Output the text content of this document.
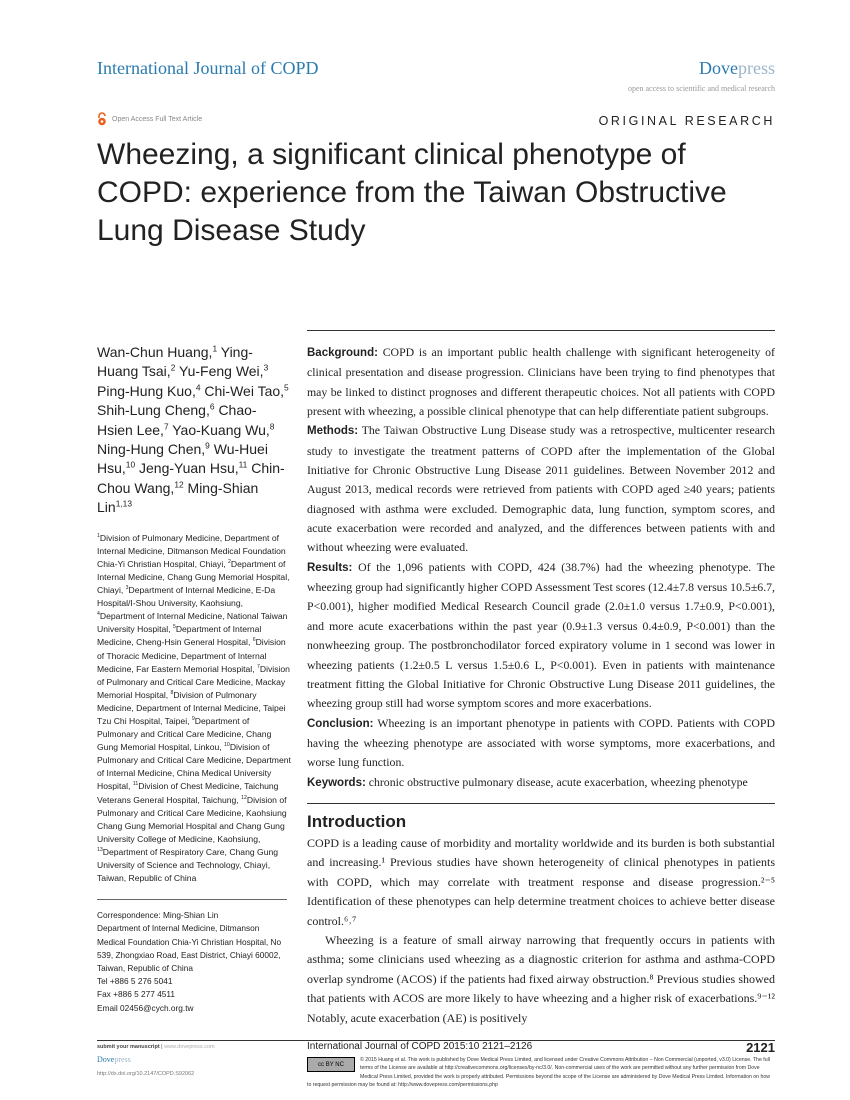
International Journal of COPD	Dovepress
open access to scientific and medical research
Open Access Full Text Article	ORIGINAL RESEARCH
Wheezing, a significant clinical phenotype of COPD: experience from the Taiwan Obstructive Lung Disease Study
Wan-Chun Huang,$^1$ Ying-Huang Tsai,$^2$ Yu-Feng Wei,$^3$ Ping-Hung Kuo,$^4$ Chi-Wei Tao,$^5$ Shih-Lung Cheng,$^6$ Chao-Hsien Lee,$^7$ Yao-Kuang Wu,$^8$ Ning-Hung Chen,$^9$ Wu-Huei Hsu,$^{10}$ Jeng-Yuan Hsu,$^{11}$ Chin-Chou Wang,$^{12}$ Ming-Shian Lin$^{1,13}$
$^1$Division of Pulmonary Medicine, Department of Internal Medicine, Ditmanson Medical Foundation Chia-Yi Christian Hospital, Chiayi, $^2$Department of Internal Medicine, Chang Gung Memorial Hospital, Chiayi, $^3$Department of Internal Medicine, E-Da Hospital/I-Shou University, Kaohsiung, $^4$Department of Internal Medicine, National Taiwan University Hospital, $^5$Department of Internal Medicine, Cheng-Hsin General Hospital, $^6$Division of Thoracic Medicine, Department of Internal Medicine, Far Eastern Memorial Hospital, $^7$Division of Pulmonary and Critical Care Medicine, Mackay Memorial Hospital, $^8$Division of Pulmonary Medicine, Department of Internal Medicine, Taipei Tzu Chi Hospital, Taipei, $^9$Department of Pulmonary and Critical Care Medicine, Chang Gung Memorial Hospital, Linkou, $^{10}$Division of Pulmonary and Critical Care Medicine, Department of Internal Medicine, China Medical University Hospital, $^{11}$Division of Chest Medicine, Taichung Veterans General Hospital, Taichung, $^{12}$Division of Pulmonary and Critical Care Medicine, Kaohsiung Chang Gung Memorial Hospital and Chang Gung University College of Medicine, Kaohsiung, $^{13}$Department of Respiratory Care, Chang Gung University of Science and Technology, Chiayi, Taiwan, Republic of China
Correspondence: Ming-Shian Lin
Department of Internal Medicine, Ditmanson Medical Foundation Chia-Yi Christian Hospital, No 539, Zhongxiao Road, East District, Chiayi 60002, Taiwan, Republic of China
Tel +886 5 276 5041
Fax +886 5 277 4511
Email 02456@cych.org.tw

Background: COPD is an important public health challenge with significant heterogeneity of clinical presentation and disease progression. Clinicians have been trying to find phenotypes that may be linked to distinct prognoses and different therapeutic choices. Not all patients with COPD present with wheezing, a possible clinical phenotype that can help differentiate patient subgroups.

Methods: The Taiwan Obstructive Lung Disease study was a retrospective, multicenter research study to investigate the treatment patterns of COPD after the implementation of the Global Initiative for Chronic Obstructive Lung Disease 2011 guidelines. Between November 2012 and August 2013, medical records were retrieved from patients with COPD aged ≥40 years; patients diagnosed with asthma were excluded. Demographic data, lung function, symptom scores, and acute exacerbation were recorded and analyzed, and the differences between patients with and without wheezing were evaluated.

Results: Of the 1,096 patients with COPD, 424 (38.7%) had the wheezing phenotype. The wheezing group had significantly higher COPD Assessment Test scores (12.4±7.8 versus 10.5±6.7, P<0.001), higher modified Medical Research Council grade (2.0±1.0 versus 1.7±0.9, P<0.001), and more acute exacerbations within the past year (0.9±1.3 versus 0.4±0.9, P<0.001) than the nonwheezing group. The postbronchodilator forced expiratory volume in 1 second was lower in wheezing patients (1.2±0.5 L versus 1.5±0.6 L, P<0.001). Even in patients with maintenance treatment fitting the Global Initiative for Chronic Obstructive Lung Disease 2011 guidelines, the wheezing group still had worse symptom scores and more exacerbations.

Conclusion: Wheezing is an important phenotype in patients with COPD. Patients with COPD having the wheezing phenotype are associated with worse symptoms, more exacerbations, and worse lung function.

Keywords: chronic obstructive pulmonary disease, acute exacerbation, wheezing phenotype

Introduction

COPD is a leading cause of morbidity and mortality worldwide and its burden is both substantial and increasing.¹ Previous studies have shown heterogeneity of clinical phenotypes in patients with COPD, which may correlate with treatment response and disease progression.²⁻⁵ Identification of these phenotypes can help determine treatment choices to achieve better disease control.⁶˒⁷

Wheezing is a feature of small airway narrowing that frequently occurs in patients with asthma; some clinicians used wheezing as a diagnostic criterion for asthma and asthma-COPD overlap syndrome (ACOS) if the patients had fixed airway obstruction.⁸ Previous studies showed that patients with ACOS are more likely to have wheezing and a higher risk of exacerbations.⁹⁻¹² Notably, acute exacerbation (AE) is positively

submit your manuscript | www.dovepress.com
Dovepress
http://dx.doi.org/10.2147/COPD.S92062
International Journal of COPD 2015:10 2121–2126	2121
cc BY NC
© 2015 Huang et al. This work is published by Dove Medical Press Limited, and licensed under Creative Commons Attribution – Non Commercial (unported, v3.0) License. The full terms of the License are available at http://creativecommons.org/licenses/by-nc/3.0/. Non-commercial uses of the work are permitted without any further permission from Dove Medical Press Limited, provided the work is properly attributed. Permissions beyond the scope of the License are administered by Dove Medical Press Limited. Information on how to request permission may be found at: http://www.dovepress.com/permissions.php
